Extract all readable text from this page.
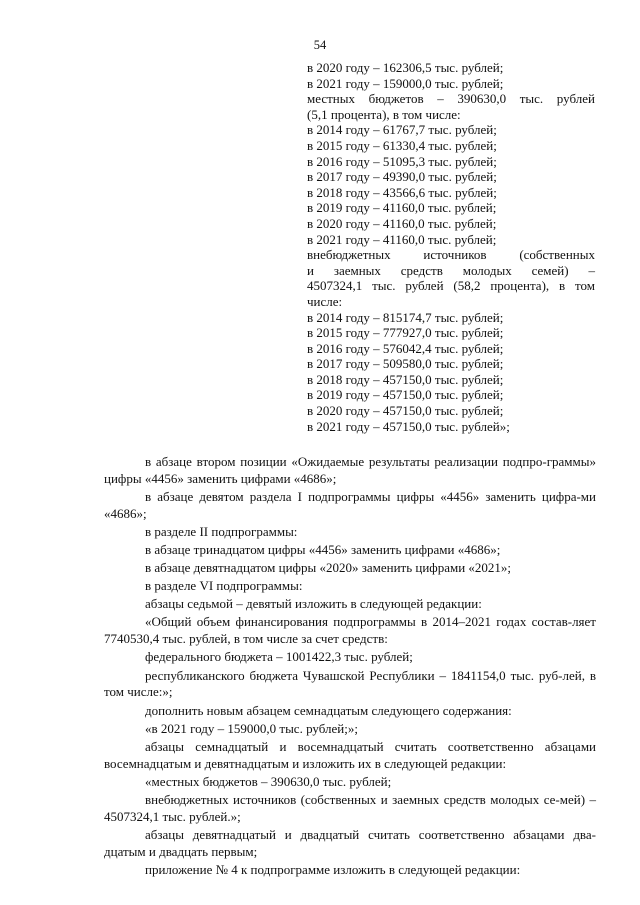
54
в 2020 году – 162306,5 тыс. рублей;
в 2021 году – 159000,0 тыс. рублей;
местных бюджетов – 390630,0 тыс. рублей
(5,1 процента), в том числе:
в 2014 году – 61767,7 тыс. рублей;
в 2015 году – 61330,4 тыс. рублей;
в 2016 году – 51095,3 тыс. рублей;
в 2017 году – 49390,0 тыс. рублей;
в 2018 году – 43566,6 тыс. рублей;
в 2019 году – 41160,0 тыс. рублей;
в 2020 году – 41160,0 тыс. рублей;
в 2021 году – 41160,0 тыс. рублей;
внебюджетных	источников	(собственных
и заемных средств молодых семей) –
4507324,1 тыс. рублей (58,2 процента), в том
числе:
в 2014 году – 815174,7 тыс. рублей;
в 2015 году – 777927,0 тыс. рублей;
в 2016 году – 576042,4 тыс. рублей;
в 2017 году – 509580,0 тыс. рублей;
в 2018 году – 457150,0 тыс. рублей;
в 2019 году – 457150,0 тыс. рублей;
в 2020 году – 457150,0 тыс. рублей;
в 2021 году – 457150,0 тыс. рублей»;

в абзаце втором позиции «Ожидаемые результаты реализации подпро-граммы» цифры «4456» заменить цифрами «4686»;

в абзаце девятом раздела I подпрограммы цифры «4456» заменить цифра-ми «4686»;

в разделе II подпрограммы:

в абзаце тринадцатом цифры «4456» заменить цифрами «4686»;

в абзаце девятнадцатом цифры «2020» заменить цифрами «2021»;

в разделе VI подпрограммы:

абзацы седьмой – девятый изложить в следующей редакции:

«Общий объем финансирования подпрограммы в 2014–2021 годах состав-ляет 7740530,4 тыс. рублей, в том числе за счет средств:

федерального бюджета – 1001422,3 тыс. рублей;

республиканского бюджета Чувашской Республики – 1841154,0 тыс. руб-лей, в том числе:»;

дополнить новым абзацем семнадцатым следующего содержания:

«в 2021 году – 159000,0 тыс. рублей;»;

абзацы семнадцатый и восемнадцатый считать соответственно абзацами восемнадцатым и девятнадцатым и изложить их в следующей редакции:

«местных бюджетов – 390630,0 тыс. рублей;

внебюджетных источников (собственных и заемных средств молодых се-мей) – 4507324,1 тыс. рублей.»;

абзацы девятнадцатый и двадцатый считать соответственно абзацами два-дцатым и двадцать первым;

приложение № 4 к подпрограмме изложить в следующей редакции:
